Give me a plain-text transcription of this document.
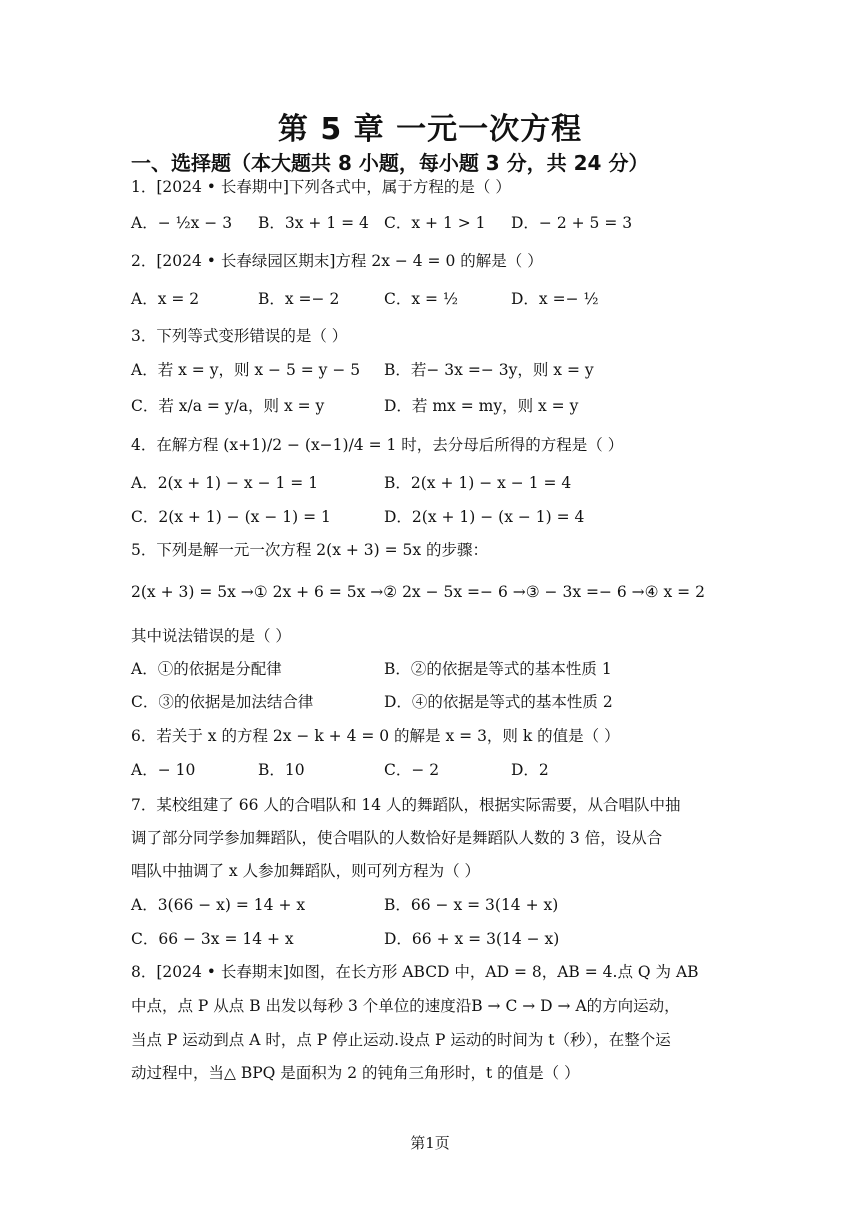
第 5 章 一元一次方程
一、选择题（本大题共 8 小题，每小题 3 分，共 24 分）
1．[2024 • 长春期中]下列各式中，属于方程的是（ ）
A．− ½x − 3 B．3x + 1 = 4 C．x + 1 > 1 D．− 2 + 5 = 3
2．[2024 • 长春绿园区期末]方程 2x − 4 = 0 的解是（ ）
A．x = 2	B．x =− 2	C．x = ½	D．x =− ½
3．下列等式变形错误的是（ ）
A．若 x = y，则 x − 5 = y − 5 B．若− 3x =− 3y，则 x = y
C．若 x/a = y/a，则 x = y	D．若 mx = my，则 x = y
4．在解方程 (x+1)/2 − (x−1)/4 = 1 时，去分母后所得的方程是（ ）
A．2(x + 1) − x − 1 = 1	B．2(x + 1) − x − 1 = 4
C．2(x + 1) − (x − 1) = 1	D．2(x + 1) − (x − 1) = 4
5．下列是解一元一次方程 2(x + 3) = 5x 的步骤：
2(x + 3) = 5x →① 2x + 6 = 5x →② 2x − 5x =− 6 →③ − 3x =− 6 →④ x = 2
其中说法错误的是（ ）
A．①的依据是分配律	B．②的依据是等式的基本性质 1
C．③的依据是加法结合律	D．④的依据是等式的基本性质 2
6．若关于 x 的方程 2x − k + 4 = 0 的解是 x = 3，则 k 的值是（ ）
A．− 10	B．10	C．− 2	D．2
7．某校组建了 66 人的合唱队和 14 人的舞蹈队，根据实际需要，从合唱队中抽
调了部分同学参加舞蹈队，使合唱队的人数恰好是舞蹈队人数的 3 倍，设从合
唱队中抽调了 x 人参加舞蹈队，则可列方程为（ ）
A．3(66 − x) = 14 + x	B．66 − x = 3(14 + x)
C．66 − 3x = 14 + x	D．66 + x = 3(14 − x)
8．[2024 • 长春期末]如图，在长方形 ABCD 中，AD = 8，AB = 4.点 Q 为 AB
中点，点 P 从点 B 出发以每秒 3 个单位的速度沿B → C → D → A的方向运动，
当点 P 运动到点 A 时，点 P 停止运动.设点 P 运动的时间为 t（秒），在整个运
动过程中，当△ BPQ 是面积为 2 的钝角三角形时，t 的值是（ ）
第1页
